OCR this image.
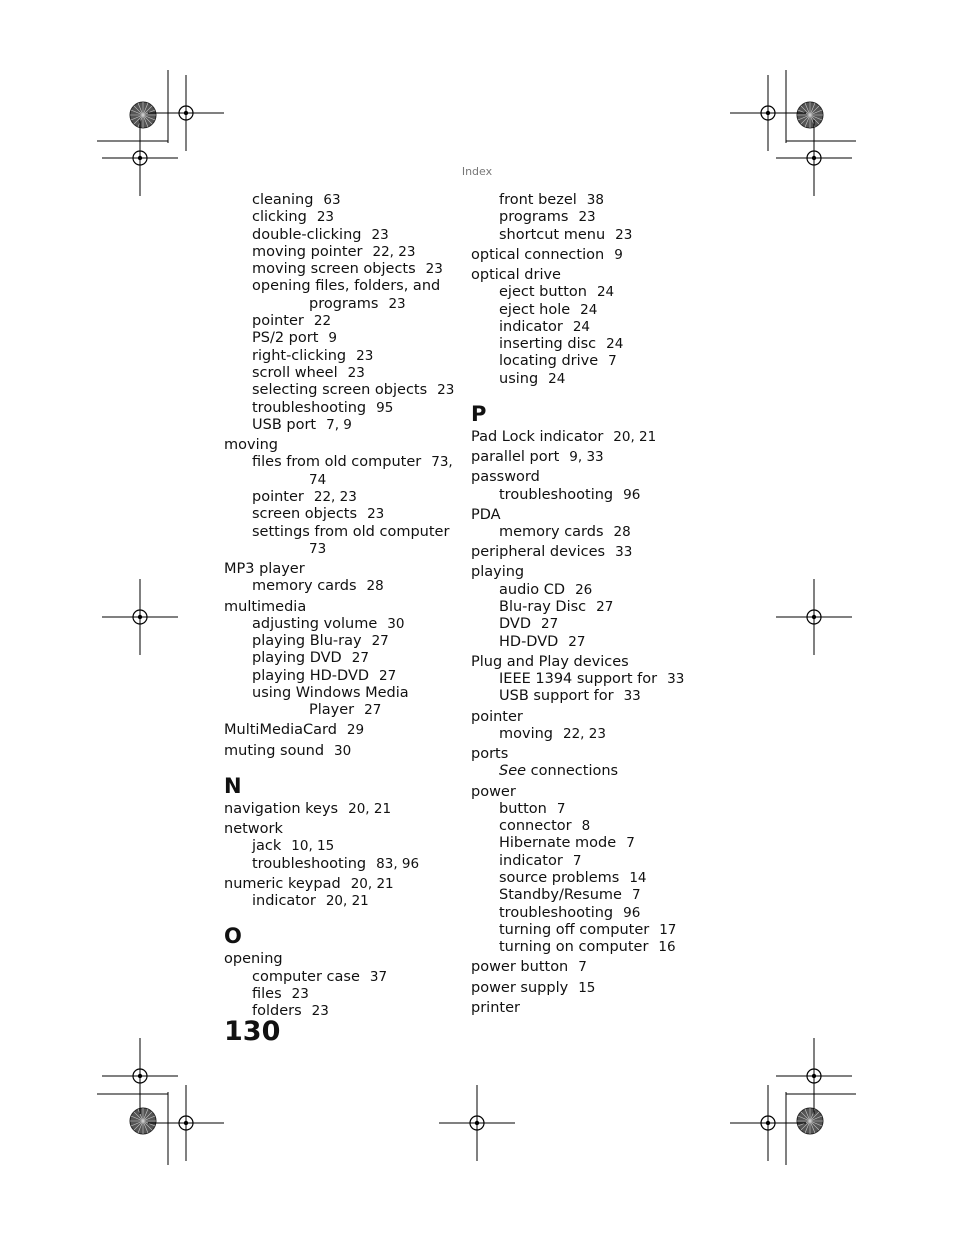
Index
cleaning 63
clicking 23
double-clicking 23
moving pointer 22, 23
moving screen objects 23
opening files, folders, and
programs 23
pointer 22
PS/2 port 9
right-clicking 23
scroll wheel 23
selecting screen objects 23
troubleshooting 95
USB port 7, 9
moving
files from old computer 73,
74
pointer 22, 23
screen objects 23
settings from old computer
73
MP3 player
memory cards 28
multimedia
adjusting volume 30
playing Blu-ray 27
playing DVD 27
playing HD-DVD 27
using Windows Media
Player 27
MultiMediaCard 29
muting sound 30
N
navigation keys 20, 21
network
jack 10, 15
troubleshooting 83, 96
numeric keypad 20, 21
indicator 20, 21
O
opening
computer case 37
files 23
folders 23
front bezel 38
programs 23
shortcut menu 23
optical connection 9
optical drive
eject button 24
eject hole 24
indicator 24
inserting disc 24
locating drive 7
using 24
P
Pad Lock indicator 20, 21
parallel port 9, 33
password
troubleshooting 96
PDA
memory cards 28
peripheral devices 33
playing
audio CD 26
Blu-ray Disc 27
DVD 27
HD-DVD 27
Plug and Play devices
IEEE 1394 support for 33
USB support for 33
pointer
moving 22, 23
ports
See connections
power
button 7
connector 8
Hibernate mode 7
indicator 7
source problems 14
Standby/Resume 7
troubleshooting 96
turning off computer 17
turning on computer 16
power button 7
power supply 15
printer
130
